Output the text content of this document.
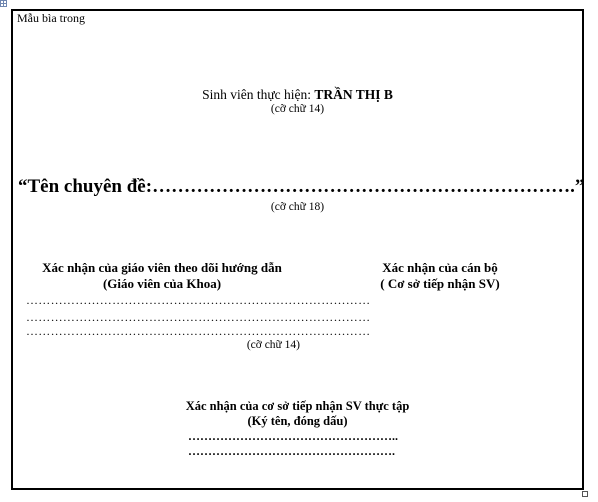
Mẫu bìa trong
Sinh viên thực hiện: TRẦN THỊ B
(cỡ chữ 14)
“Tên chuyên đề:………………………………………………………….”
(cỡ chữ 18)
Xác nhận của giáo viên theo dõi hướng dẫn
(Giáo viên của Khoa)
Xác nhận của cán bộ
( Cơ sở tiếp nhận SV)
…………………………………………………………………………
…………………………………………………………………………
…………………………………………………………………………
(cỡ chữ 14)
Xác nhận của cơ sở tiếp nhận SV thực tập
(Ký tên, đóng dấu)
……………………………………………..
…………………………………………….
